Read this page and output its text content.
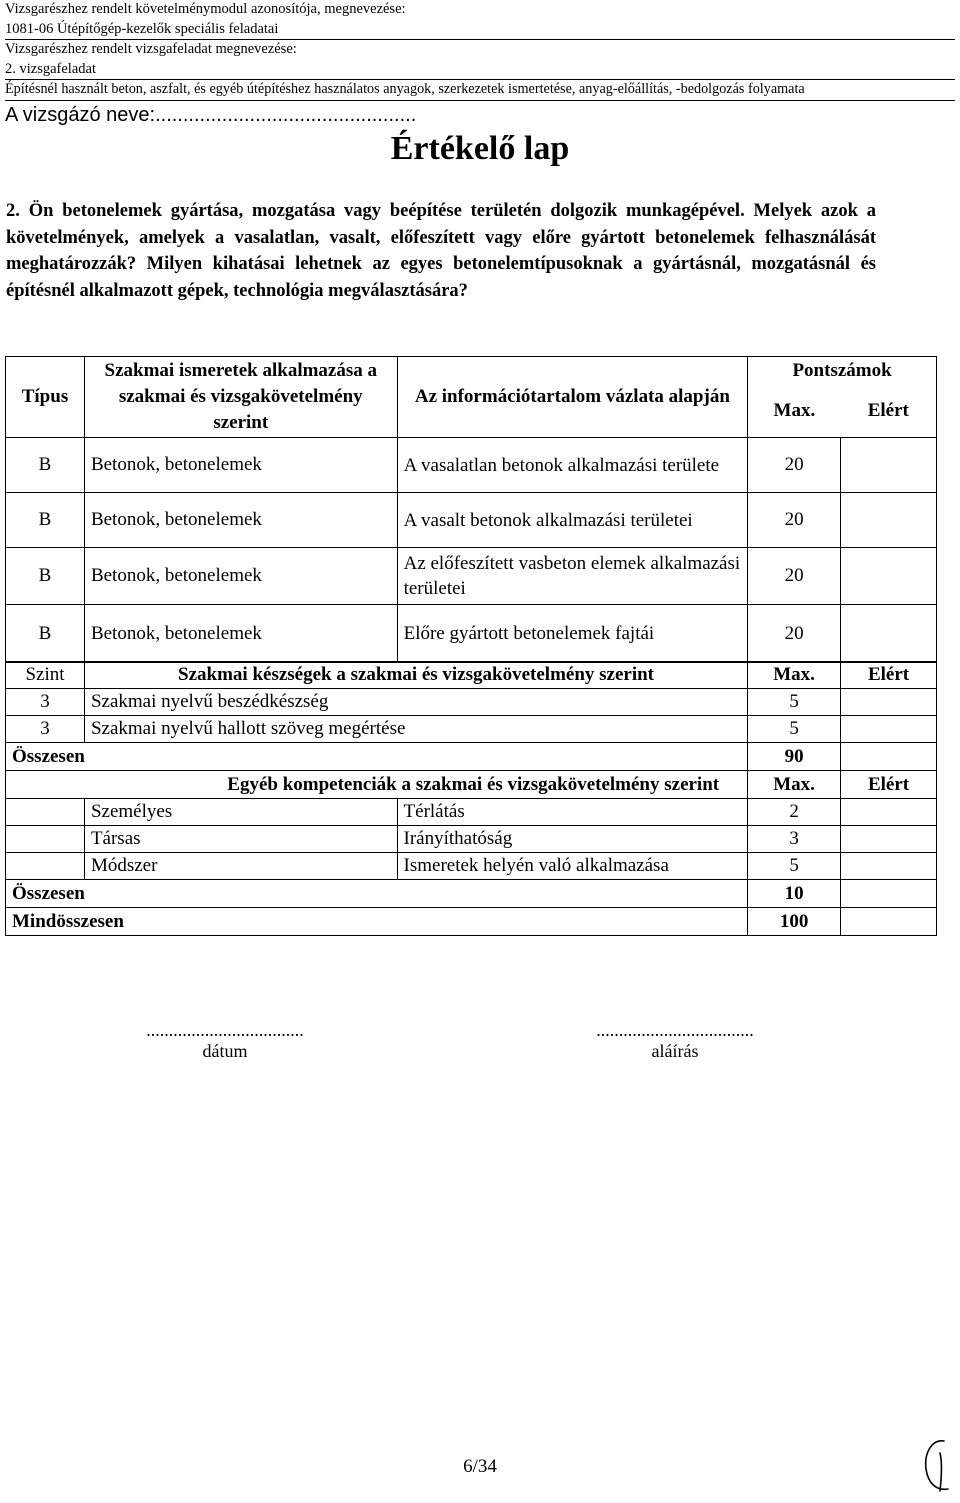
Vizsgarészhez rendelt követelménymodul azonosítója, megnevezése:
1081-06 Útépítőgép-kezelők speciális feladatai
Vizsgarészhez rendelt vizsgafeladat megnevezése:
2. vizsgafeladat
Építésnél használt beton, aszfalt, és egyéb útépítéshez használatos anyagok, szerkezetek ismertetése, anyag-előállítás, -bedolgozás folyamata
A vizsgázó neve:...............................................
Értékelő lap
2. Ön betonelemek gyártása, mozgatása vagy beépítése területén dolgozik munkagépével. Melyek azok a követelmények, amelyek a vasalatlan, vasalt, előfeszített vagy előre gyártott betonelemek felhasználását meghatározzák? Milyen kihatásai lehetnek az egyes betonelemtípusoknak a gyártásnál, mozgatásnál és építésnél alkalmazott gépek, technológia megválasztására?
Típus	Szakmai ismeretek alkalmazása a szakmai és vizsgakövetelmény szerint	Az információtartalom vázlata alapján	Pontszámok	
			Max.	Elért
B	Betonok, betonelemek	A vasalatlan betonok alkalmazási területe	20	
B	Betonok, betonelemek	A vasalt betonok alkalmazási területei	20	
B	Betonok, betonelemek	Az előfeszített vasbeton elemek alkalmazási területei	20	
B	Betonok, betonelemek	Előre gyártott betonelemek fajtái	20	
Szint	Szakmai készségek a szakmai és vizsgakövetelmény szerint		Max.	Elért
3	Szakmai nyelvű beszédkészség		5	
3	Szakmai nyelvű hallott szöveg megértése		5	
Összesen			90	
Egyéb kompetenciák a szakmai és vizsgakövetelmény szerint			Max.	Elért
	Személyes	Térlátás	2	
	Társas	Irányíthatóság	3	
	Módszer	Ismeretek helyén való alkalmazása	5	
Összesen			10	
Mindösszesen			100	
...................................
dátum
...................................
aláírás
6/34
